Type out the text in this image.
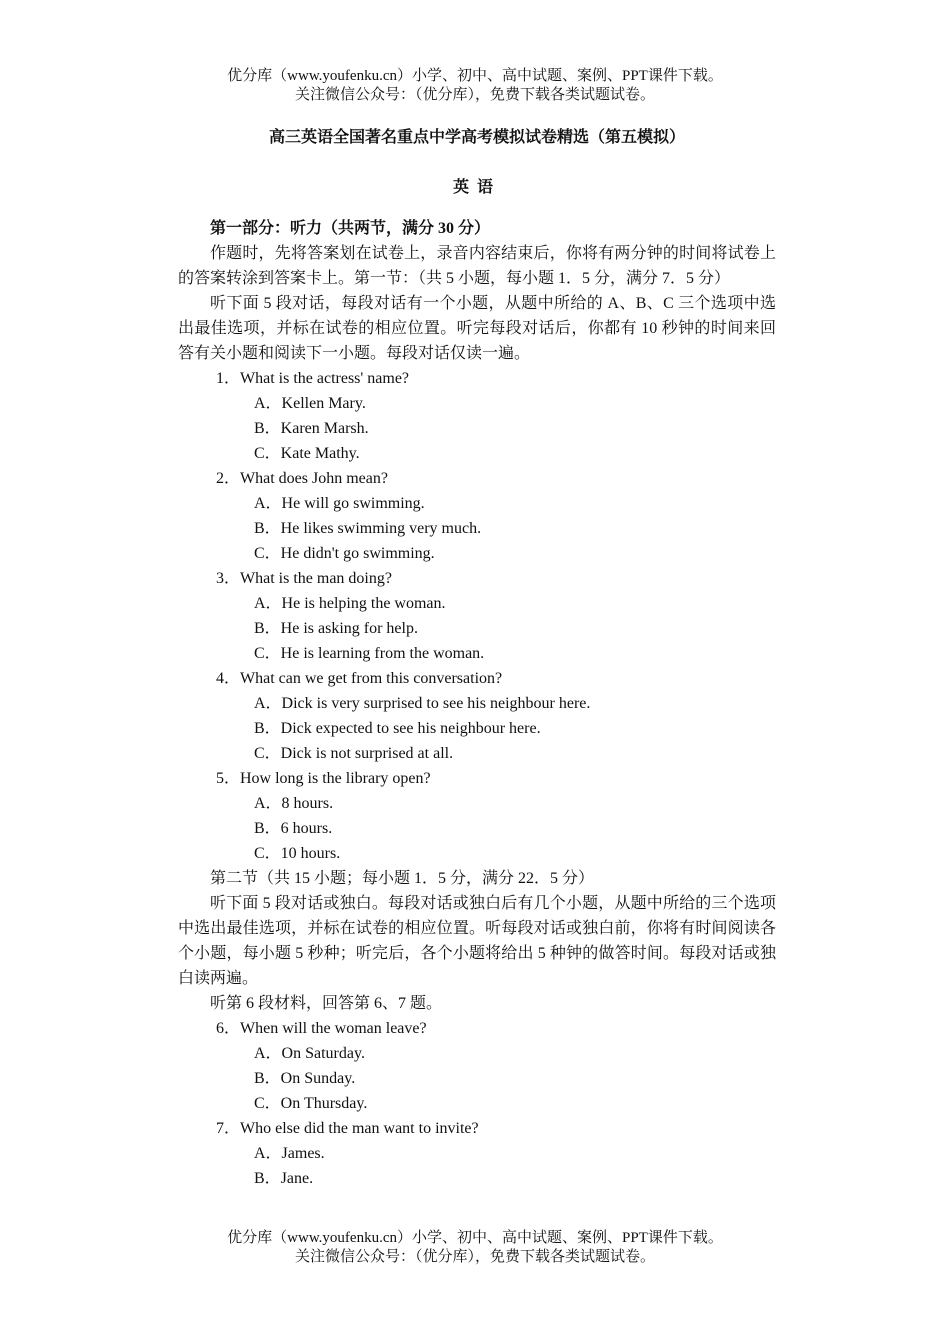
优分库（www.youfenku.cn）小学、初中、高中试题、案例、PPT课件下载。
关注微信公众号：（优分库），免费下载各类试题试卷。
高三英语全国著名重点中学高考模拟试卷精选（第五模拟）
英语
第一部分：听力（共两节，满分 30 分）
作题时，先将答案划在试卷上，录音内容结束后，你将有两分钟的时间将试卷上的答案转涂到答案卡上。第一节：（共 5 小题，每小题 1．5 分，满分 7．5 分）
听下面 5 段对话，每段对话有一个小题，从题中所给的 A、B、C 三个选项中选出最佳选项，并标在试卷的相应位置。听完每段对话后，你都有 10 秒钟的时间来回答有关小题和阅读下一小题。每段对话仅读一遍。
1．What is the actress' name?
A．Kellen Mary.
B．Karen Marsh.
C．Kate Mathy.
2．What does John mean?
A．He will go swimming.
B．He likes swimming very much.
C．He didn't go swimming.
3．What is the man doing?
A．He is helping the woman.
B．He is asking for help.
C．He is learning from the woman.
4．What can we get from this conversation?
A．Dick is very surprised to see his neighbour here.
B．Dick expected to see his neighbour here.
C．Dick is not surprised at all.
5．How long is the library open?
A．8 hours.
B．6 hours.
C．10 hours.
第二节（共 15 小题；每小题 1．5 分，满分 22．5 分）
听下面 5 段对话或独白。每段对话或独白后有几个小题，从题中所给的三个选项中选出最佳选项，并标在试卷的相应位置。听每段对话或独白前，你将有时间阅读各个小题，每小题 5 秒种；听完后，各个小题将给出 5 种钟的做答时间。每段对话或独白读两遍。
听第 6 段材料，回答第 6、7 题。
6．When will the woman leave?
A．On Saturday.
B．On Sunday.
C．On Thursday.
7．Who else did the man want to invite?
A．James.
B．Jane.
优分库（www.youfenku.cn）小学、初中、高中试题、案例、PPT课件下载。
关注微信公众号：（优分库），免费下载各类试题试卷。
